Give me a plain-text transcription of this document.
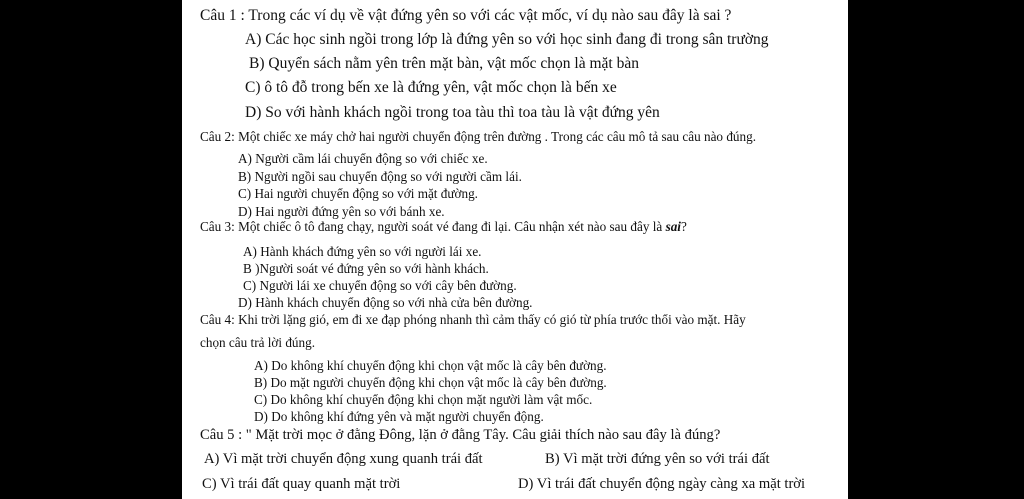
Câu 1 : Trong các ví dụ về vật đứng yên so với các vật mốc, ví dụ nào sau đây là sai ?
A) Các học sinh ngồi trong lớp là đứng yên so với học sinh đang đi trong sân trường
B) Quyển sách nằm yên trên mặt bàn, vật mốc chọn là mặt bàn
C) ô tô đỗ trong bến xe là đứng yên, vật mốc chọn là bến xe
D) So với hành khách ngồi trong toa tàu thì toa tàu là vật đứng yên
Câu 2: Một chiếc xe máy chở hai người chuyển động trên đường . Trong các câu mô tả sau câu nào đúng.
A) Người cầm lái chuyển động so với chiếc xe.
B) Người ngồi sau chuyển động so với người cầm lái.
C) Hai người chuyển động so với mặt đường.
D) Hai người đứng yên so với bánh xe.
Câu 3: Một chiếc ô tô đang chạy, người soát vé đang đi lại. Câu nhận xét nào sau đây là sai?
A) Hành khách đứng yên so với người lái xe.
B )Người soát vé đứng yên so với hành khách.
C) Người lái xe chuyển động so với cây bên đường.
D) Hành khách chuyển động so với nhà cửa bên đường.
Câu 4: Khi trời lặng gió, em đi xe đạp phóng nhanh thì cảm thấy có gió từ phía trước thổi vào mặt. Hãy
chọn câu trả lời đúng.
A) Do không khí chuyển động khi chọn vật mốc là cây bên đường.
B) Do mặt người chuyển động khi chọn vật mốc là cây bên đường.
C) Do không khí chuyển động khi chọn mặt người làm vật mốc.
D) Do không khí đứng yên và mặt người chuyển động.
Câu 5 : " Mặt trời mọc ở đằng Đông, lặn ở đằng Tây. Câu giải thích nào sau đây là đúng?
A) Vì mặt trời chuyển động xung quanh trái đất	B) Vì mặt trời đứng yên so với trái đất
C) Vì trái đất quay quanh mặt trời	D) Vì trái đất chuyển động ngày càng xa mặt trời
